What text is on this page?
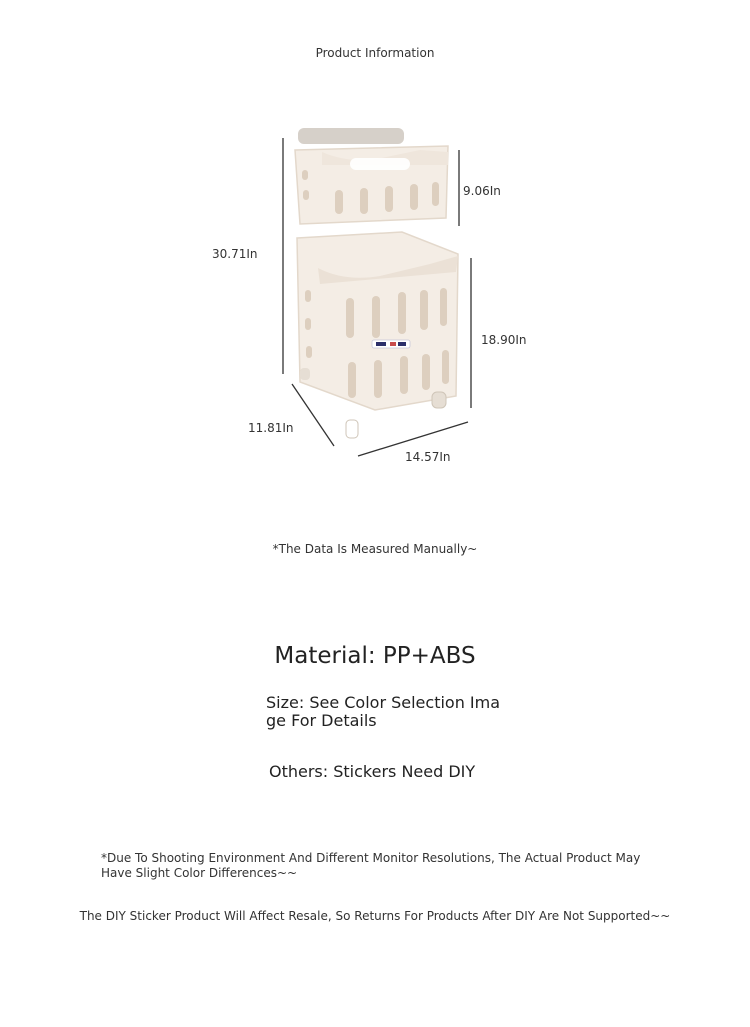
Product Information
9.06In
30.71In
18.90In
11.81In
14.57In
*The Data Is Measured Manually~
Material: PP+ABS
Size: See Color Selection Image For Details
Others: Stickers Need DIY
*Due To Shooting Environment And Different Monitor Resolutions, The Actual Product May Have Slight Color Differences~~
The DIY Sticker Product Will Affect Resale, So Returns For Products After DIY Are Not Supported~~
